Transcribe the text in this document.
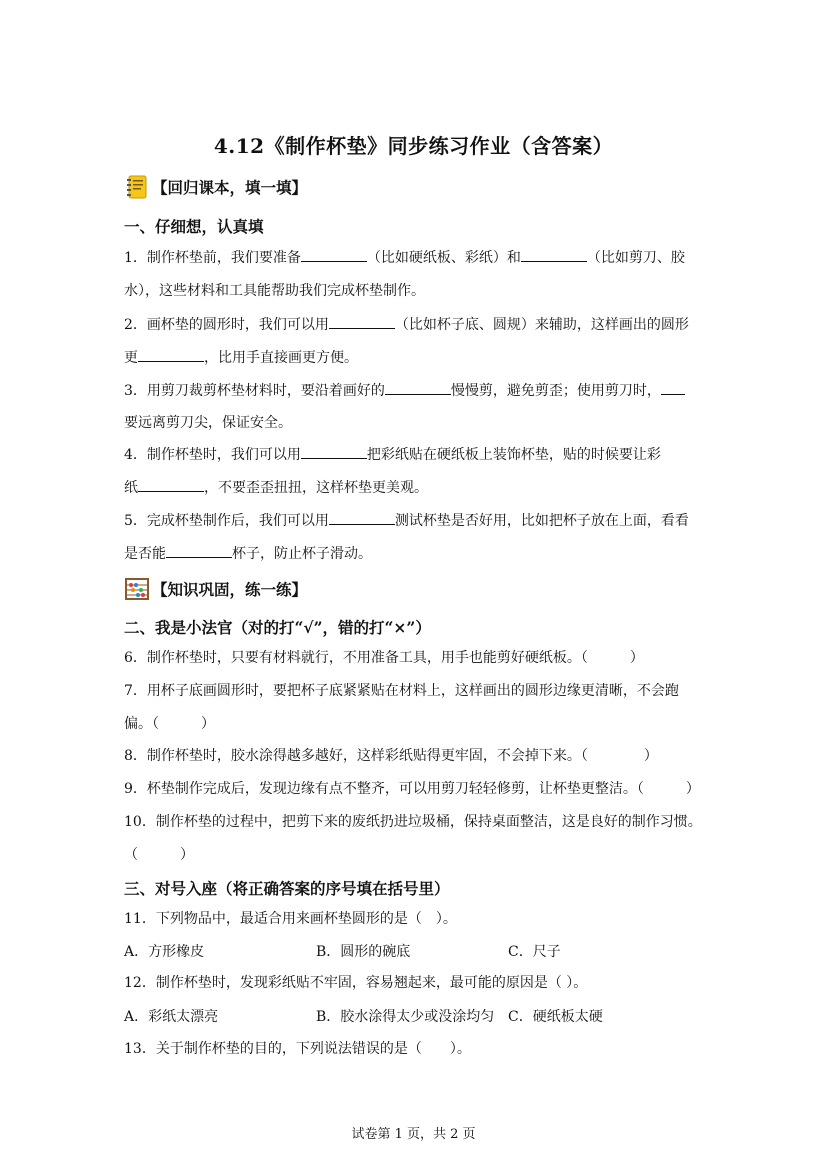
4.12《制作杯垫》同步练习作业（含答案）
【回归课本，填一填】
一、仔细想，认真填
1．制作杯垫前，我们要准备	（比如硬纸板、彩纸）和	（比如剪刀、胶
水），这些材料和工具能帮助我们完成杯垫制作。
2．画杯垫的圆形时，我们可以用	（比如杯子底、圆规）来辅助，这样画出的圆形
更	，比用手直接画更方便。
3．用剪刀裁剪杯垫材料时，要沿着画好的	慢慢剪，避免剪歪；使用剪刀时，
要远离剪刀尖，保证安全。
4．制作杯垫时，我们可以用	把彩纸贴在硬纸板上装饰杯垫，贴的时候要让彩
纸	，不要歪歪扭扭，这样杯垫更美观。
5．完成杯垫制作后，我们可以用	测试杯垫是否好用，比如把杯子放在上面，看看
是否能	杯子，防止杯子滑动。
【知识巩固，练一练】
二、我是小法官（对的打“√”，错的打“×”）
6．制作杯垫时，只要有材料就行，不用准备工具，用手也能剪好硬纸板。（　　　）
7．用杯子底画圆形时，要把杯子底紧紧贴在材料上，这样画出的圆形边缘更清晰，不会跑
偏。（　　　）
8．制作杯垫时，胶水涂得越多越好，这样彩纸贴得更牢固，不会掉下来。（　　　　）
9．杯垫制作完成后，发现边缘有点不整齐，可以用剪刀轻轻修剪，让杯垫更整洁。（　　　）
10．制作杯垫的过程中，把剪下来的废纸扔进垃圾桶，保持桌面整洁，这是良好的制作习惯。
（　　　）
三、对号入座（将正确答案的序号填在括号里）
11．下列物品中，最适合用来画杯垫圆形的是（　）。
A．方形橡皮	B．圆形的碗底	C．尺子
12．制作杯垫时，发现彩纸贴不牢固，容易翘起来，最可能的原因是（ ）。
A．彩纸太漂亮	B．胶水涂得太少或没涂均匀 C．硬纸板太硬
13．关于制作杯垫的目的，下列说法错误的是（　　）。
试卷第 1 页，共 2 页
